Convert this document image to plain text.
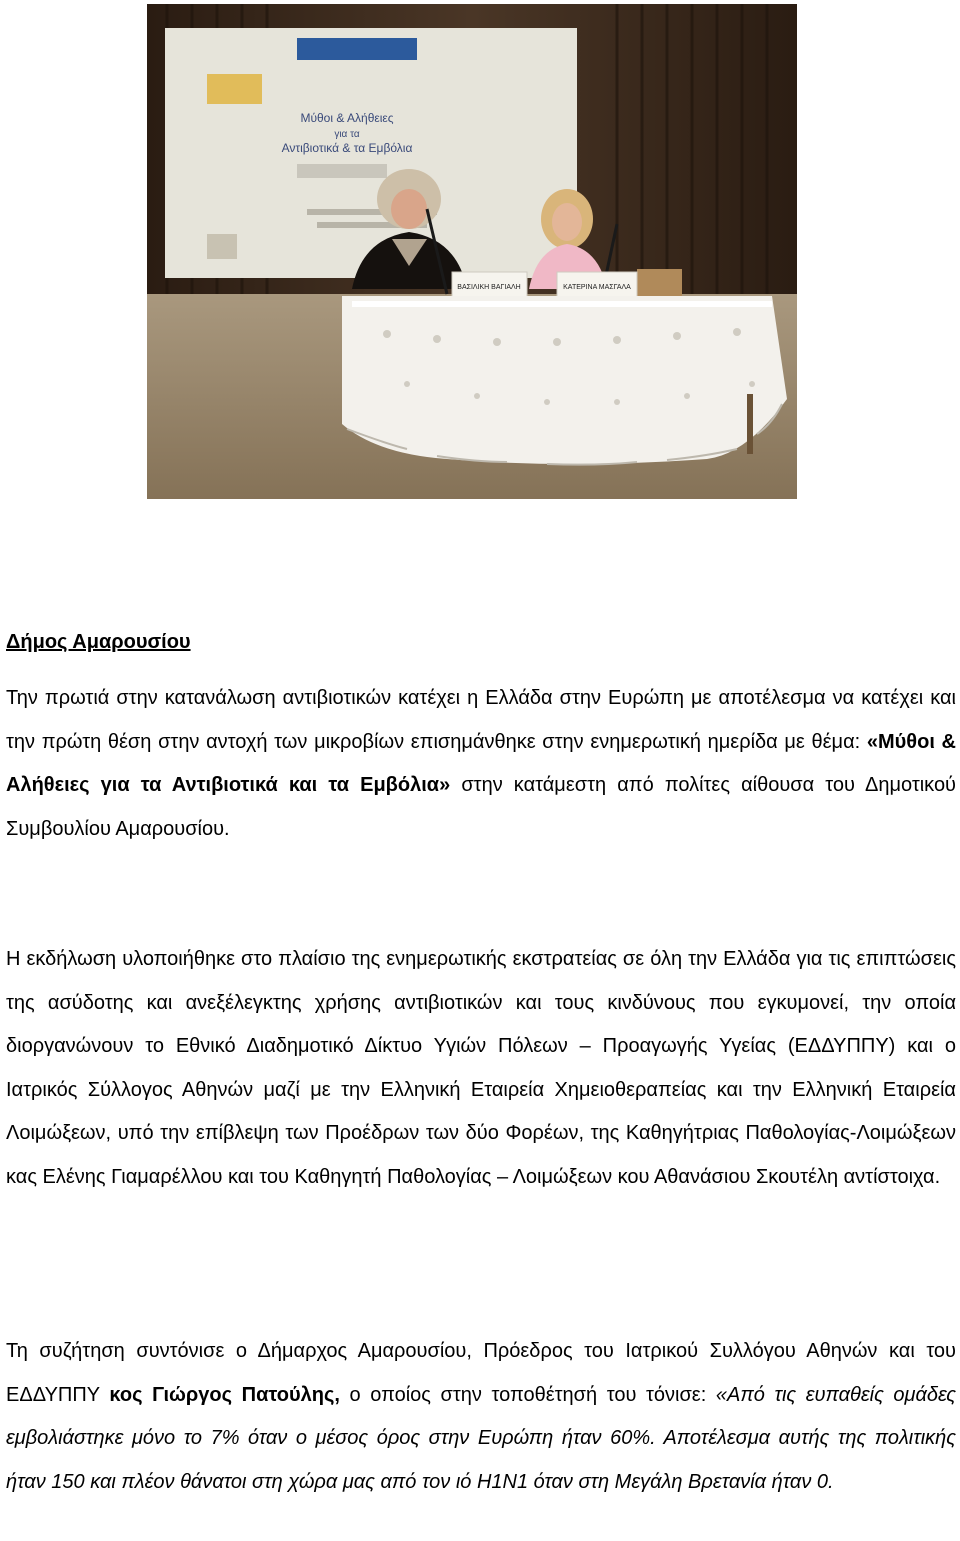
Μύθοι & Αλήθειες
για τα
Αντιβιοτικά & τα Εμβόλια
ΒΑΣΙΛΙΚΗ ΒΑΓΙΑΛΗ	ΚΑΤΕΡΙΝΑ ΜΑΣΓΑΛΑ

Δήμος Αμαρουσίου

Την πρωτιά στην κατανάλωση αντιβιοτικών κατέχει η Ελλάδα στην Ευρώπη με αποτέλεσμα να κατέχει και την πρώτη θέση στην αντοχή των μικροβίων επισημάνθηκε στην ενημερωτική ημερίδα με θέμα: «Μύθοι & Αλήθειες για τα Αντιβιοτικά και τα Εμβόλια» στην κατάμεστη από πολίτες αίθουσα του Δημοτικού Συμβουλίου Αμαρουσίου.

Η εκδήλωση υλοποιήθηκε στο πλαίσιο της ενημερωτικής εκστρατείας σε όλη την Ελλάδα για τις επιπτώσεις της ασύδοτης και ανεξέλεγκτης χρήσης αντιβιοτικών και τους κινδύνους που εγκυμονεί, την οποία διοργανώνουν το Εθνικό Διαδημοτικό Δίκτυο Υγιών Πόλεων – Προαγωγής Υγείας (ΕΔΔΥΠΠΥ) και ο Ιατρικός Σύλλογος Αθηνών μαζί με την Ελληνική Εταιρεία Χημειοθεραπείας και την Ελληνική Εταιρεία Λοιμώξεων, υπό την επίβλεψη των Προέδρων των δύο Φορέων, της Καθηγήτριας Παθολογίας-Λοιμώξεων κας Ελένης Γιαμαρέλλου και του Καθηγητή Παθολογίας – Λοιμώξεων κου Αθανάσιου Σκουτέλη αντίστοιχα.

Τη συζήτηση συντόνισε ο Δήμαρχος Αμαρουσίου, Πρόεδρος του Ιατρικού Συλλόγου Αθηνών και του ΕΔΔΥΠΠΥ κος Γιώργος Πατούλης, ο οποίος στην τοποθέτησή του τόνισε: «Από τις ευπαθείς ομάδες εμβολιάστηκε μόνο το 7% όταν ο μέσος όρος στην Ευρώπη ήταν 60%. Αποτέλεσμα αυτής της πολιτικής ήταν 150 και πλέον θάνατοι στη χώρα μας από τον ιό Η1Ν1 όταν στη Μεγάλη Βρετανία ήταν 0.
